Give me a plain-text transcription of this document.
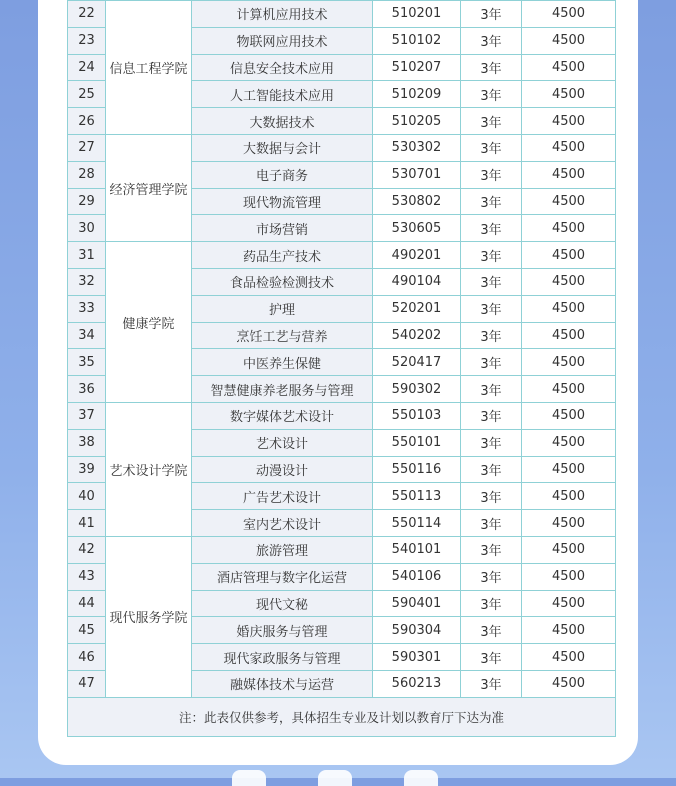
22	信息工程学院	计算机应用技术	510201	3年	4500
23		物联网应用技术	510102	3年	4500
24		信息安全技术应用	510207	3年	4500
25		人工智能技术应用	510209	3年	4500
26		大数据技术	510205	3年	4500
27	经济管理学院	大数据与会计	530302	3年	4500
28		电子商务	530701	3年	4500
29		现代物流管理	530802	3年	4500
30		市场营销	530605	3年	4500
31	健康学院	药品生产技术	490201	3年	4500
32		食品检验检测技术	490104	3年	4500
33		护理	520201	3年	4500
34		烹饪工艺与营养	540202	3年	4500
35		中医养生保健	520417	3年	4500
36		智慧健康养老服务与管理	590302	3年	4500
37	艺术设计学院	数字媒体艺术设计	550103	3年	4500
38		艺术设计	550101	3年	4500
39		动漫设计	550116	3年	4500
40		广告艺术设计	550113	3年	4500
41		室内艺术设计	550114	3年	4500
42	现代服务学院	旅游管理	540101	3年	4500
43		酒店管理与数字化运营	540106	3年	4500
44		现代文秘	590401	3年	4500
45		婚庆服务与管理	590304	3年	4500
46		现代家政服务与管理	590301	3年	4500
47		融媒体技术与运营	560213	3年	4500
注：此表仅供参考，具体招生专业及计划以教育厅下达为准					
